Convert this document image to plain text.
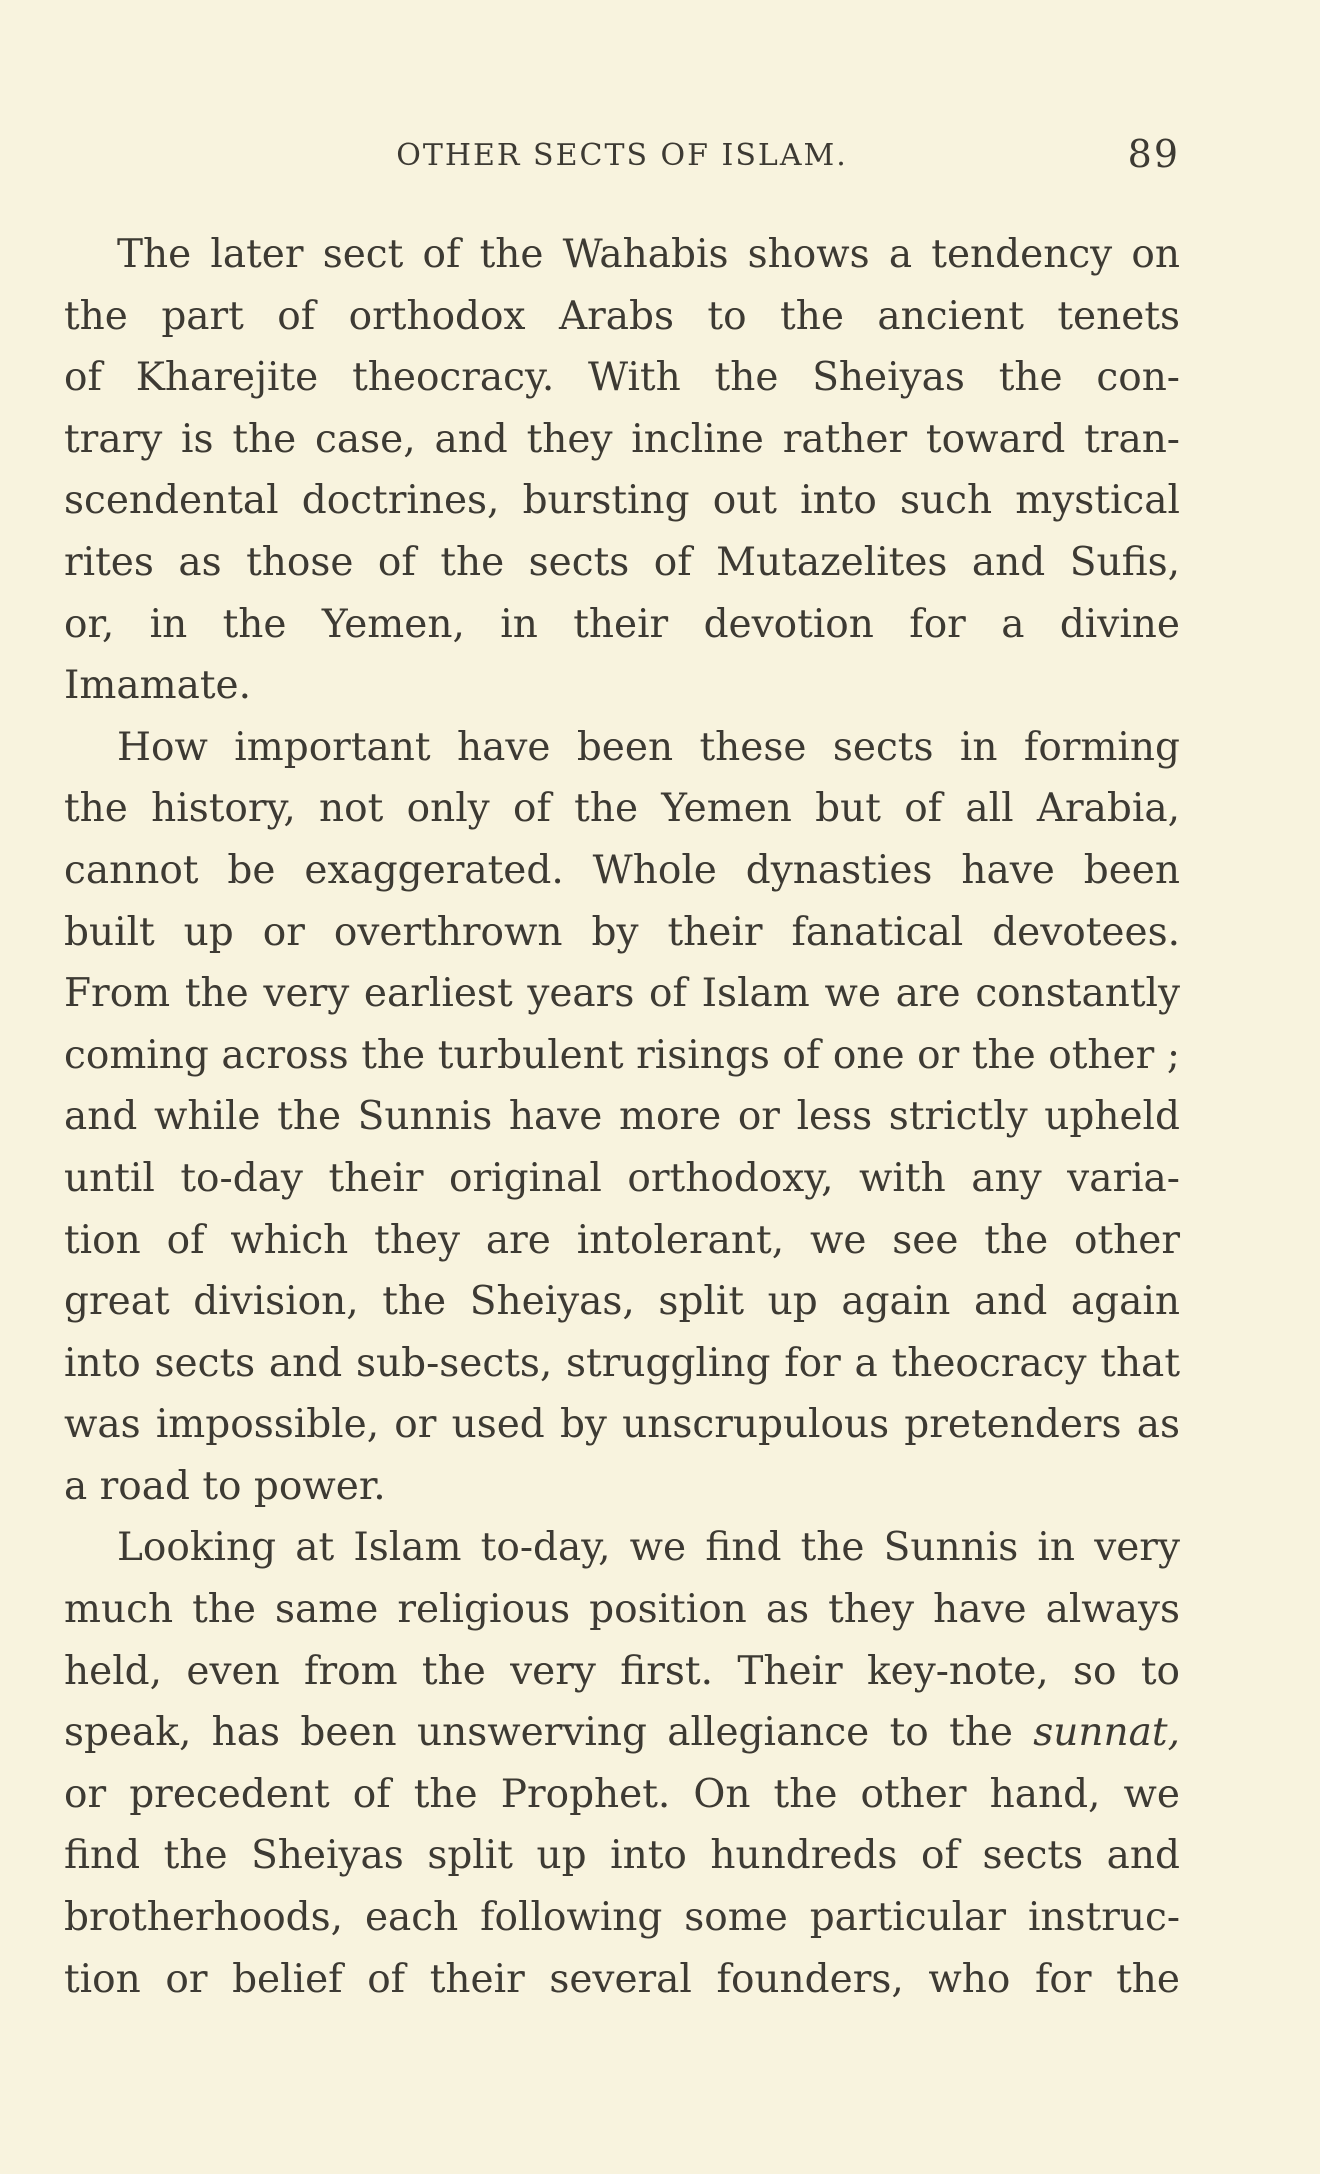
OTHER SECTS OF ISLAM.	89
The later sect of the Wahabis shows a tendency on
the part of orthodox Arabs to the ancient tenets
of Kharejite theocracy. With the Sheiyas the con-
trary is the case, and they incline rather toward tran-
scendental doctrines, bursting out into such mystical
rites as those of the sects of Mutazelites and Sufis,
or, in the Yemen, in their devotion for a divine
Imamate.
How important have been these sects in forming
the history, not only of the Yemen but of all Arabia,
cannot be exaggerated. Whole dynasties have been
built up or overthrown by their fanatical devotees.
From the very earliest years of Islam we are constantly
coming across the turbulent risings of one or the other ;
and while the Sunnis have more or less strictly upheld
until to-day their original orthodoxy, with any varia-
tion of which they are intolerant, we see the other
great division, the Sheiyas, split up again and again
into sects and sub-sects, struggling for a theocracy that
was impossible, or used by unscrupulous pretenders as
a road to power.
Looking at Islam to-day, we find the Sunnis in very
much the same religious position as they have always
held, even from the very first. Their key-note, so to
speak, has been unswerving allegiance to the sunnat,
or precedent of the Prophet. On the other hand, we
find the Sheiyas split up into hundreds of sects and
brotherhoods, each following some particular instruc-
tion or belief of their several founders, who for the
